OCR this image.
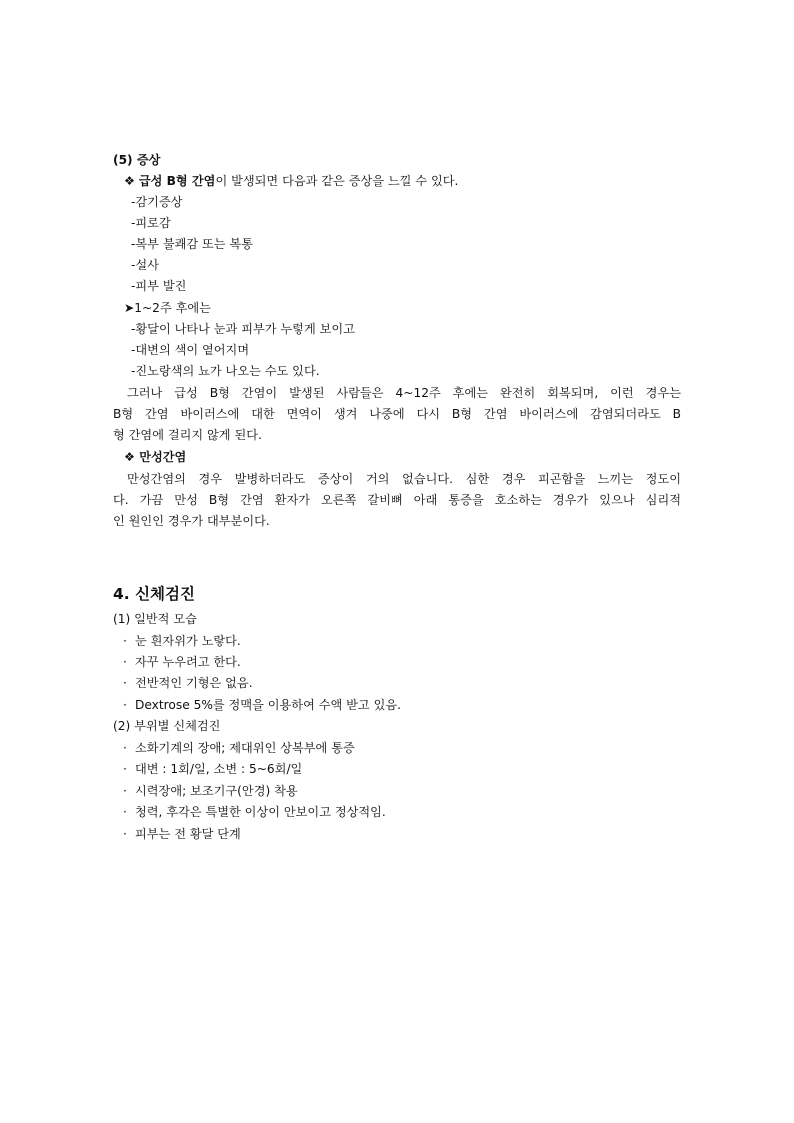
(5) 증상
❖ 급성 B형 간염이 발생되면 다음과 같은 증상을 느낄 수 있다.
-감기증상
-피로감
-복부 불쾌감 또는 복통
-설사
-피부 발진
➤1~2주 후에는
-황달이 나타나 눈과 피부가 누렇게 보이고
-대변의 색이 옅어지며
-진노랑색의 뇨가 나오는 수도 있다.
그러나 급성 B형 간염이 발생된 사람들은 4~12주 후에는 완전히 회복되며, 이런 경우는
B형 간염 바이러스에 대한 면역이 생겨 나중에 다시 B형 간염 바이러스에 감염되더라도 B
형 간염에 걸리지 않게 된다.
❖ 만성간염
만성간염의 경우 발병하더라도 증상이 거의 없습니다. 심한 경우 피곤함을 느끼는 정도이
다. 가끔 만성 B형 간염 환자가 오른쪽 갈비뼈 아래 통증을 호소하는 경우가 있으나 심리적
인 원인인 경우가 대부분이다.
4. 신체검진
(1) 일반적 모습
· 눈 흰자위가 노랗다.
· 자꾸 누우려고 한다.
· 전반적인 기형은 없음.
· Dextrose 5%를 정맥을 이용하여 수액 받고 있음.
(2) 부위별 신체검진
· 소화기계의 장애; 제대위인 상복부에 통증
· 대변 : 1회/일, 소변 : 5~6회/일
· 시력장애; 보조기구(안경) 착용
· 청력, 후각은 특별한 이상이 안보이고 정상적임.
· 피부는 전 황달 단계
